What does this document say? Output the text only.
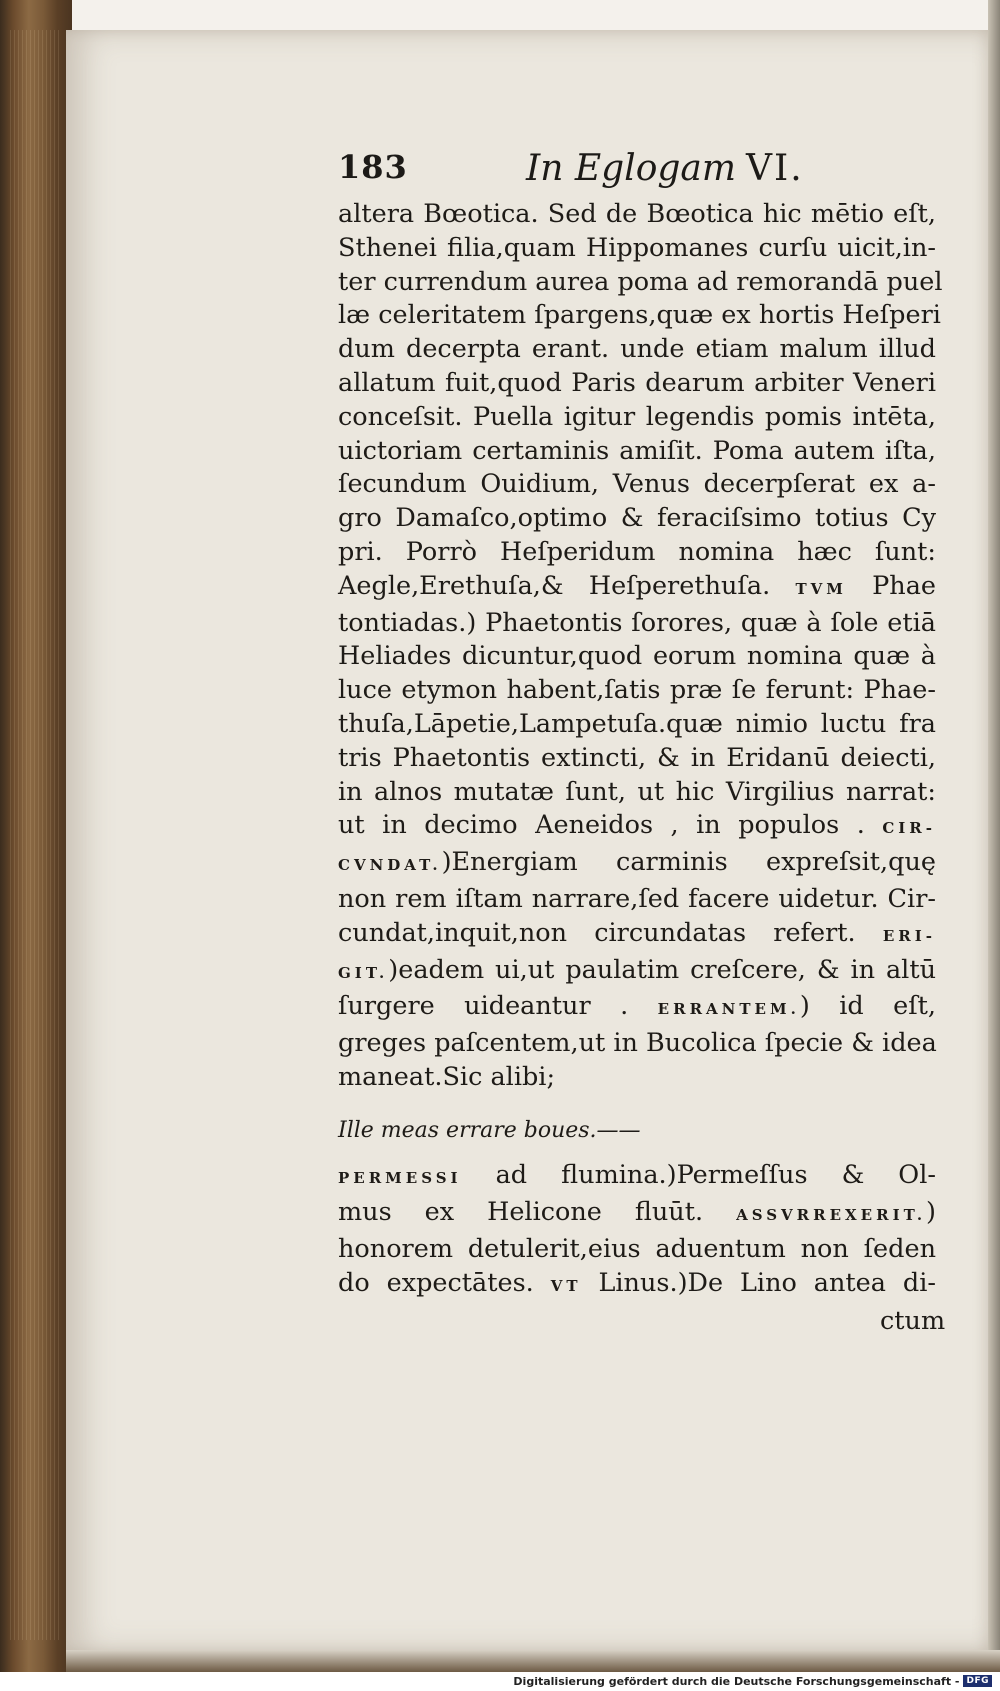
183	In Eglogam VI.
altera Bœotica. Sed de Bœotica hic mētio eſt,
Sthenei filia,quam Hippomanes curſu uicit,in-
ter currendum aurea poma ad remorandā puel
læ celeritatem ſpargens,quæ ex hortis Heſperi
dum decerpta erant. unde etiam malum illud
allatum fuit,quod Paris dearum arbiter Veneri
conceſsit. Puella igitur legendis pomis intēta,
uictoriam certaminis amiſit. Poma autem iſta,
ſecundum Ouidium, Venus decerpſerat ex a-
gro Damaſco,optimo & feraciſsimo totius Cy
pri. Porrò Heſperidum nomina hæc ſunt:
Aegle,Erethuſa,& Heſperethuſa. TVM Phae
tontiadas.) Phaetontis ſorores, quæ à ſole etiā
Heliades dicuntur,quod eorum nomina quæ à
luce etymon habent,ſatis præ ſe ferunt: Phae-
thuſa,Lāpetie,Lampetuſa.quæ nimio luctu fra
tris Phaetontis extincti, & in Eridanū deiecti,
in alnos mutatæ ſunt, ut hic Virgilius narrat:
ut in decimo Aeneidos , in populos . CIR-
CVNDAT.)Energiam carminis expreſsit,quę
non rem iſtam narrare,ſed facere uidetur. Cir-
cundat,inquit,non circundatas refert. ERI-
GIT.)eadem ui,ut paulatim creſcere, & in altū
ſurgere uideantur . ERRANTEM.) id eſt,
greges paſcentem,ut in Bucolica ſpecie & idea
maneat.Sic alibi;
Ille meas errare boues.——
PERMESSI ad flumina.)Permeſſus & Ol-
mus ex Helicone fluūt. ASSVRREXERIT.)
honorem detulerit,eius aduentum non ſeden
do expectātes. VT Linus.)De Lino antea di-
ctum
Digitalisierung gefördert durch die Deutsche Forschungsgemeinschaft - DFG
